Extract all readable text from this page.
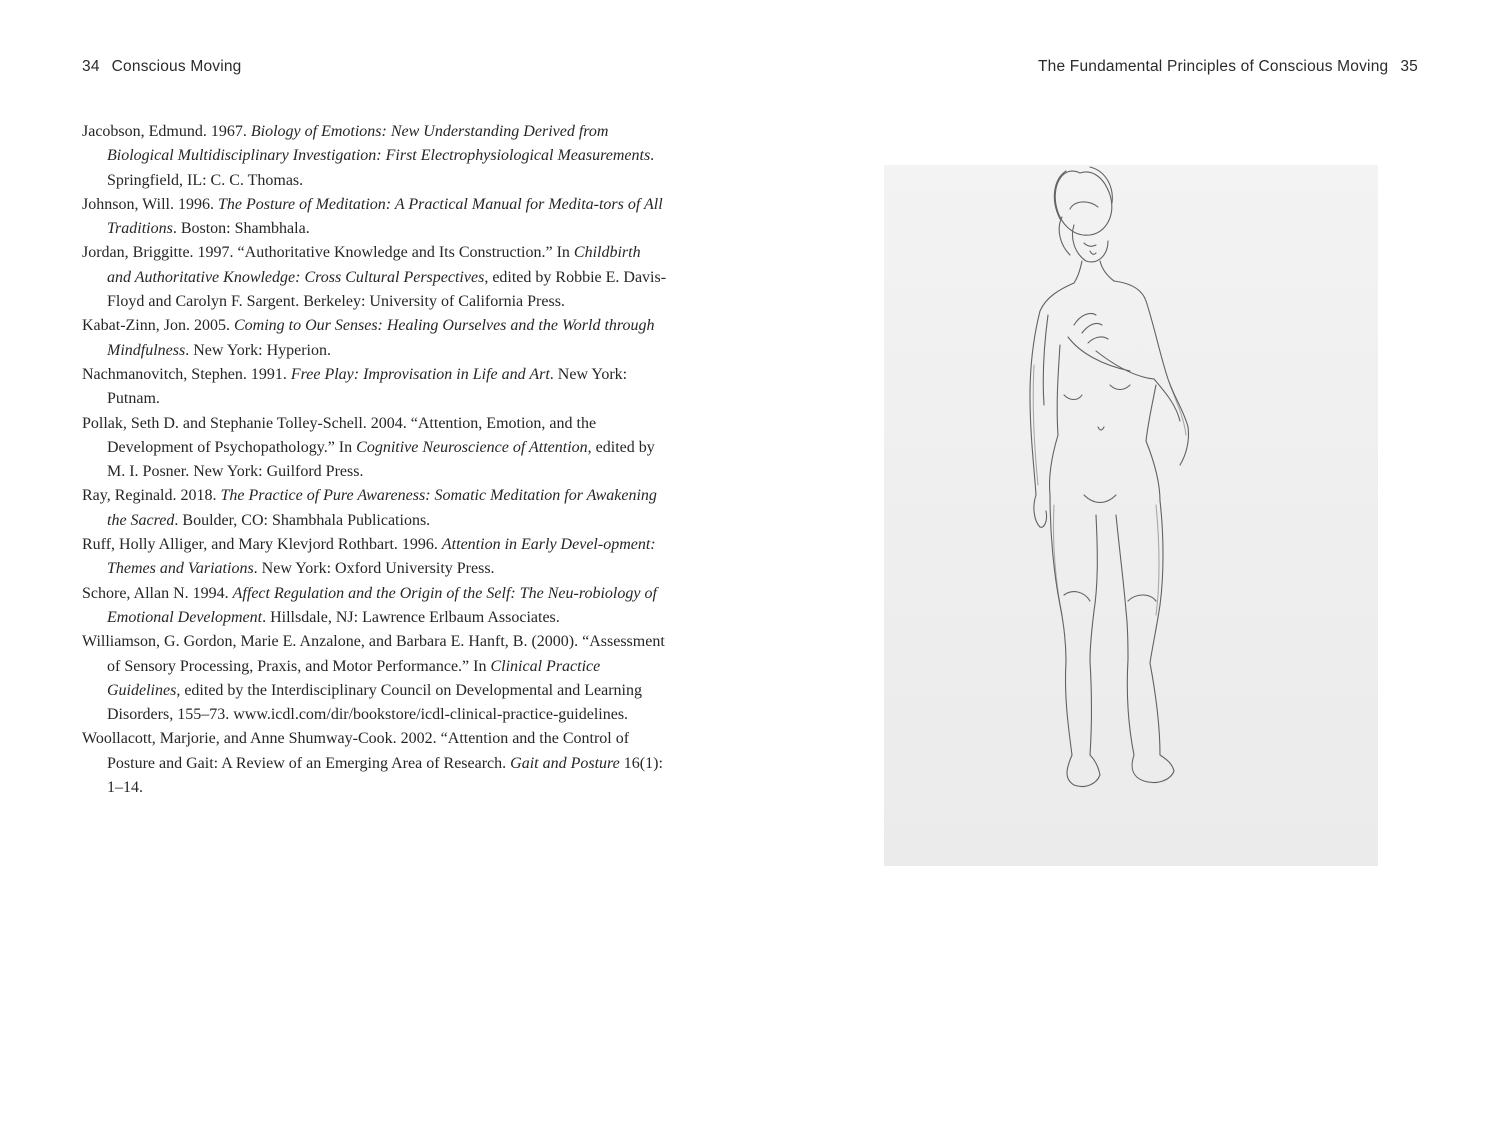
34 Conscious Moving	The Fundamental Principles of Conscious Moving 35

Jacobson, Edmund. 1967. Biology of Emotions: New Understanding Derived from Biological Multidisciplinary Investigation: First Electrophysiological Measurements. Springfield, IL: C. C. Thomas.

Johnson, Will. 1996. The Posture of Meditation: A Practical Manual for Medita-tors of All Traditions. Boston: Shambhala.

Jordan, Briggitte. 1997. “Authoritative Knowledge and Its Construction.” In Childbirth and Authoritative Knowledge: Cross Cultural Perspectives, edited by Robbie E. Davis-Floyd and Carolyn F. Sargent. Berkeley: University of California Press.

Kabat-Zinn, Jon. 2005. Coming to Our Senses: Healing Ourselves and the World through Mindfulness. New York: Hyperion.

Nachmanovitch, Stephen. 1991. Free Play: Improvisation in Life and Art. New York: Putnam.

Pollak, Seth D. and Stephanie Tolley-Schell. 2004. “Attention, Emotion, and the Development of Psychopathology.” In Cognitive Neuroscience of Attention, edited by M. I. Posner. New York: Guilford Press.

Ray, Reginald. 2018. The Practice of Pure Awareness: Somatic Meditation for Awakening the Sacred. Boulder, CO: Shambhala Publications.

Ruff, Holly Alliger, and Mary Klevjord Rothbart. 1996. Attention in Early Devel-opment: Themes and Variations. New York: Oxford University Press.

Schore, Allan N. 1994. Affect Regulation and the Origin of the Self: The Neu-robiology of Emotional Development. Hillsdale, NJ: Lawrence Erlbaum Associates.

Williamson, G. Gordon, Marie E. Anzalone, and Barbara E. Hanft, B. (2000). “Assessment of Sensory Processing, Praxis, and Motor Performance.” In Clinical Practice Guidelines, edited by the Interdisciplinary Council on Developmental and Learning Disorders, 155–73. www.icdl.com/dir/bookstore/icdl-clinical-practice-guidelines.

Woollacott, Marjorie, and Anne Shumway-Cook. 2002. “Attention and the Control of Posture and Gait: A Review of an Emerging Area of Research. Gait and Posture 16(1): 1–14.
